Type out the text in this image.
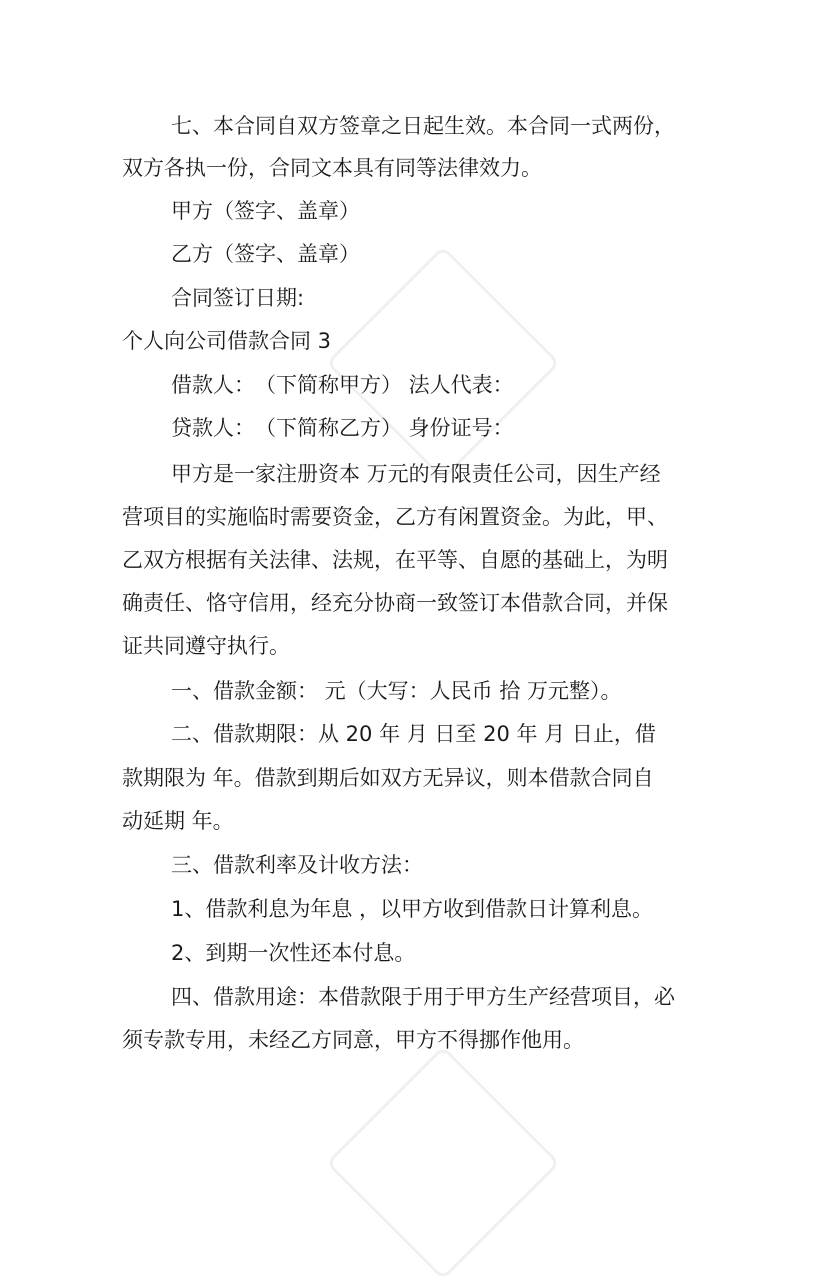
七、本合同自双方签章之日起生效。本合同一式两份，
双方各执一份，合同文本具有同等法律效力。
甲方（签字、盖章）
乙方（签字、盖章）
合同签订日期:
个人向公司借款合同 3
借款人：　（下简称甲方） 法人代表：
贷款人：　（下简称乙方） 身份证号：
甲方是一家注册资本 万元的有限责任公司，因生产经
营项目的实施临时需要资金，乙方有闲置资金。为此，甲、
乙双方根据有关法律、法规，在平等、自愿的基础上，为明
确责任、恪守信用，经充分协商一致签订本借款合同，并保
证共同遵守执行。
一、借款金额： 元（大写：人民币 拾 万元整）。
二、借款期限：从 20 年 月 日至 20 年 月 日止，借
款期限为 年。借款到期后如双方无异议，则本借款合同自
动延期 年。
三、借款利率及计收方法：
1、借款利息为年息 ，以甲方收到借款日计算利息。
2、到期一次性还本付息。
四、借款用途：本借款限于用于甲方生产经营项目，必
须专款专用，未经乙方同意，甲方不得挪作他用。
